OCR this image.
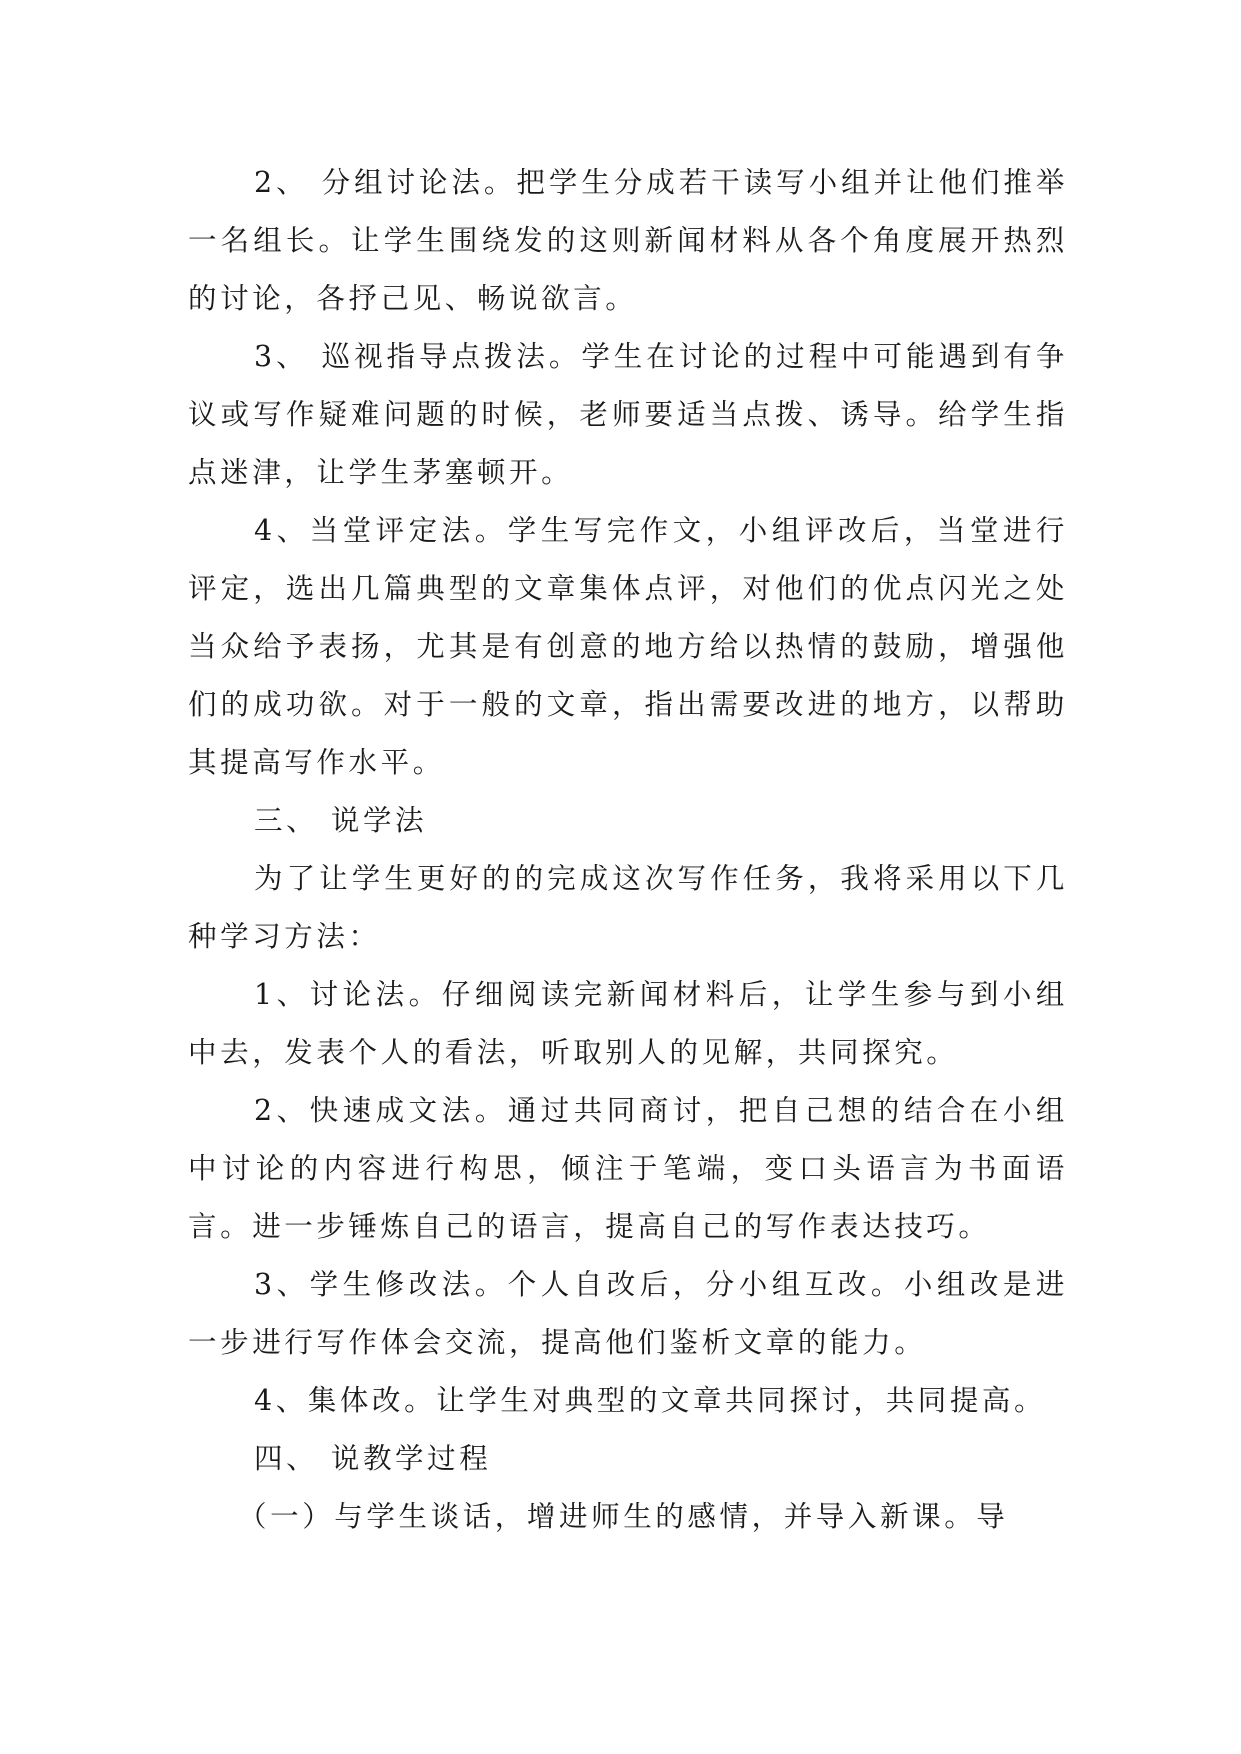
2、 分组讨论法。把学生分成若干读写小组并让他们推举一名组长。让学生围绕发的这则新闻材料从各个角度展开热烈的讨论，各抒己见、畅说欲言。

3、 巡视指导点拨法。学生在讨论的过程中可能遇到有争议或写作疑难问题的时候，老师要适当点拨、诱导。给学生指点迷津，让学生茅塞顿开。

4、当堂评定法。学生写完作文，小组评改后，当堂进行评定，选出几篇典型的文章集体点评，对他们的优点闪光之处当众给予表扬，尤其是有创意的地方给以热情的鼓励，增强他们的成功欲。对于一般的文章，指出需要改进的地方，以帮助其提高写作水平。

三、 说学法

为了让学生更好的的完成这次写作任务，我将采用以下几种学习方法：

1、讨论法。仔细阅读完新闻材料后，让学生参与到小组中去，发表个人的看法，听取别人的见解，共同探究。

2、快速成文法。通过共同商讨，把自己想的结合在小组中讨论的内容进行构思，倾注于笔端，变口头语言为书面语言。进一步锤炼自己的语言，提高自己的写作表达技巧。

3、学生修改法。个人自改后，分小组互改。小组改是进一步进行写作体会交流，提高他们鉴析文章的能力。

4、集体改。让学生对典型的文章共同探讨，共同提高。

四、 说教学过程

（一）与学生谈话，增进师生的感情，并导入新课。导
